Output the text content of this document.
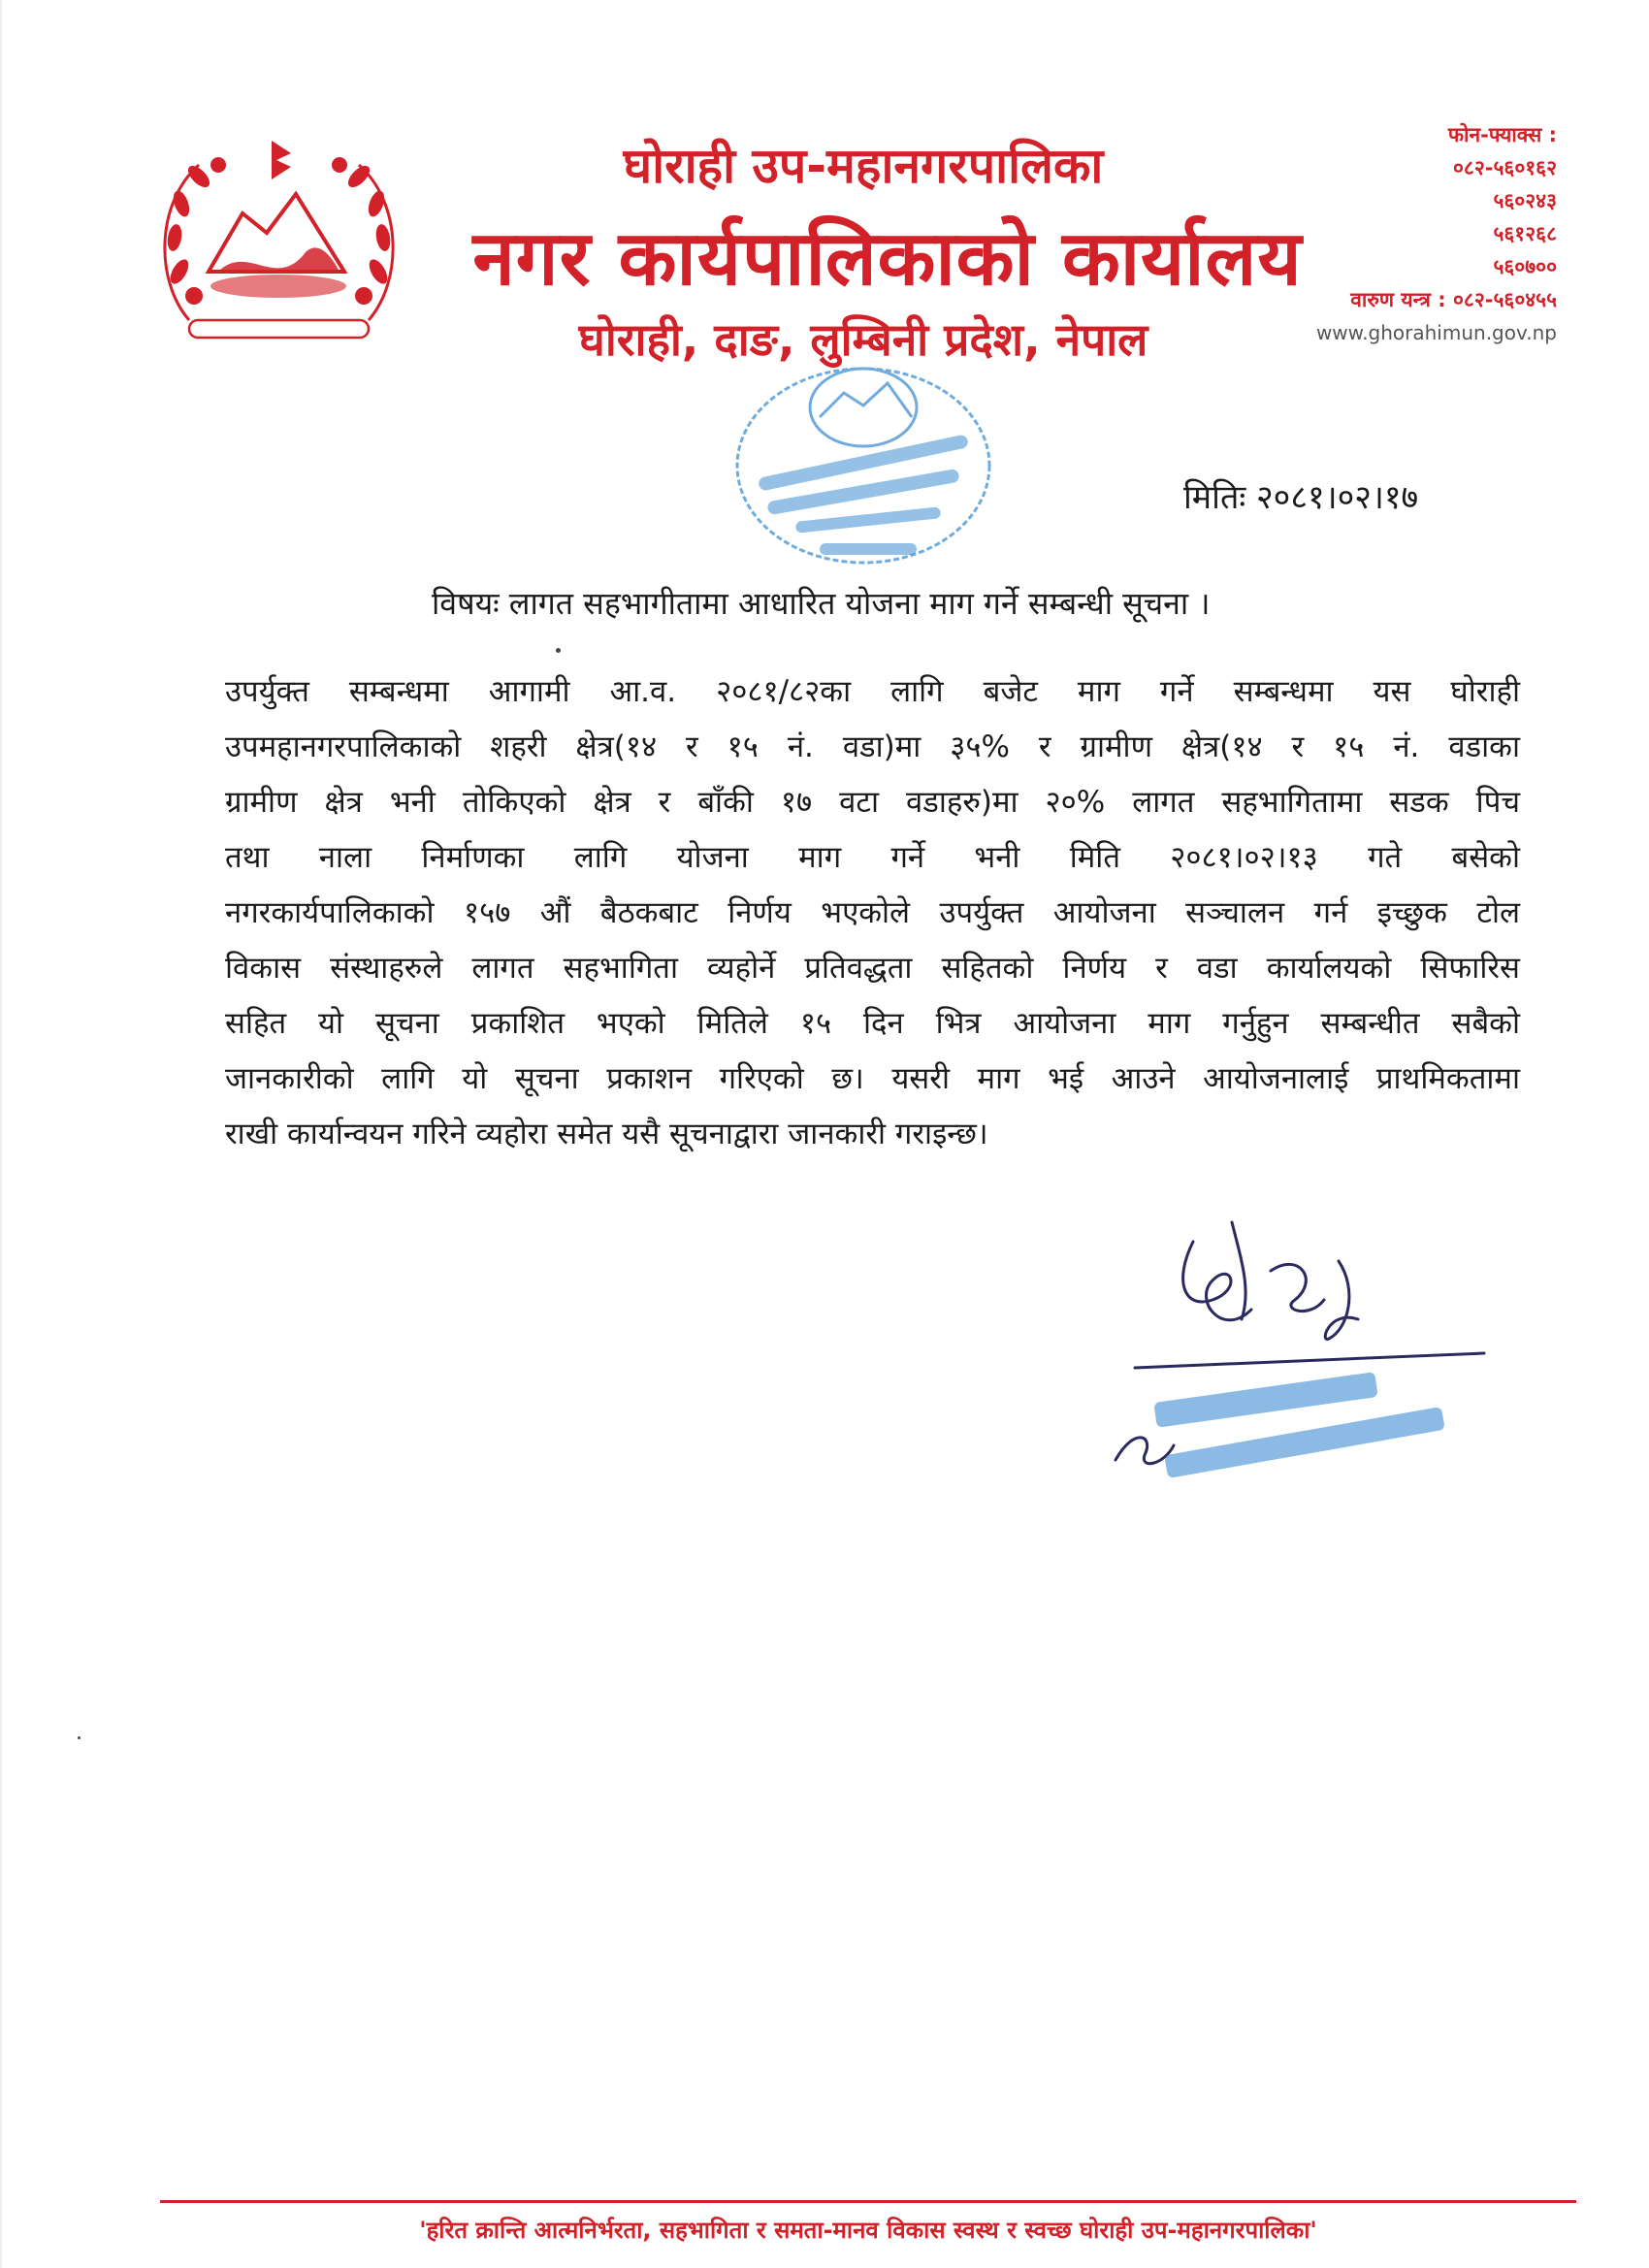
घोराही उप-महानगरपालिका
नगर कार्यपालिकाको कार्यालय
घोराही, दाङ, लुम्बिनी प्रदेश, नेपाल
फोन-फ्याक्स :
०८२-५६०१६२
५६०२४३
५६१२६८
५६०७००
वारुण यन्त्र : ०८२-५६०४५५
www.ghorahimun.gov.np
मितिः २०८१।०२।१७
विषयः लागत सहभागीतामा आधारित योजना माग गर्ने सम्बन्धी सूचना ।
उपर्युक्त सम्बन्धमा आगामी आ.व. २०८१/८२का लागि बजेट माग गर्ने सम्बन्धमा यस घोराही
उपमहानगरपालिकाको शहरी क्षेत्र(१४ र १५ नं. वडा)मा ३५% र ग्रामीण क्षेत्र(१४ र १५ नं. वडाका
ग्रामीण क्षेत्र भनी तोकिएको क्षेत्र र बाँकी १७ वटा वडाहरु)मा २०% लागत सहभागितामा सडक पिच
तथा नाला निर्माणका लागि योजना माग गर्ने भनी मिति २०८१।०२।१३ गते बसेको
नगरकार्यपालिकाको १५७ औं बैठकबाट निर्णय भएकोले उपर्युक्त आयोजना सञ्चालन गर्न इच्छुक टोल
विकास संस्थाहरुले लागत सहभागिता व्यहोर्ने प्रतिवद्धता सहितको निर्णय र वडा कार्यालयको सिफारिस
सहित यो सूचना प्रकाशित भएको मितिले १५ दिन भित्र आयोजना माग गर्नुहुन सम्बन्धीत सबैको
जानकारीको लागि यो सूचना प्रकाशन गरिएको छ। यसरी माग भई आउने आयोजनालाई प्राथमिकतामा
राखी कार्यान्वयन गरिने व्यहोरा समेत यसै सूचनाद्वारा जानकारी गराइन्छ।
'हरित क्रान्ति आत्मनिर्भरता, सहभागिता र समता-मानव विकास स्वस्थ र स्वच्छ घोराही उप-महानगरपालिका'
